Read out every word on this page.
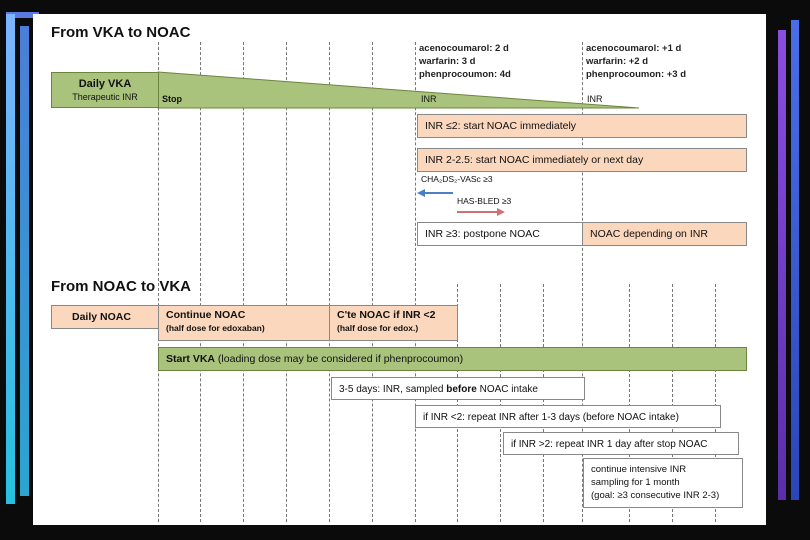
From VKA to NOAC
Daily VKA
Therapeutic INR	Stop
acenocoumarol: 2 d
warfarin: 3 d
phenprocoumon: 4d
acenocoumarol: +1 d
warfarin: +2 d
phenprocoumon: +3 d
INR	INR
INR ≤2: start NOAC immediately
INR 2-2.5: start NOAC immediately or next day
CHA₂DS₂-VASc ≥3
HAS-BLED ≥3
INR ≥3: postpone NOAC	NOAC depending on INR
From NOAC to VKA
Daily NOAC	Continue NOAC
(half dose for edoxaban)
C'te NOAC if INR <2
(half dose for edox.)
Start VKA (loading dose may be considered if phenprocoumon)
3-5 days: INR, sampled before NOAC intake
if INR <2: repeat INR after 1-3 days (before NOAC intake)
if INR >2: repeat INR 1 day after stop NOAC
continue intensive INR
sampling for 1 month
(goal: ≥3 consecutive INR 2-3)
